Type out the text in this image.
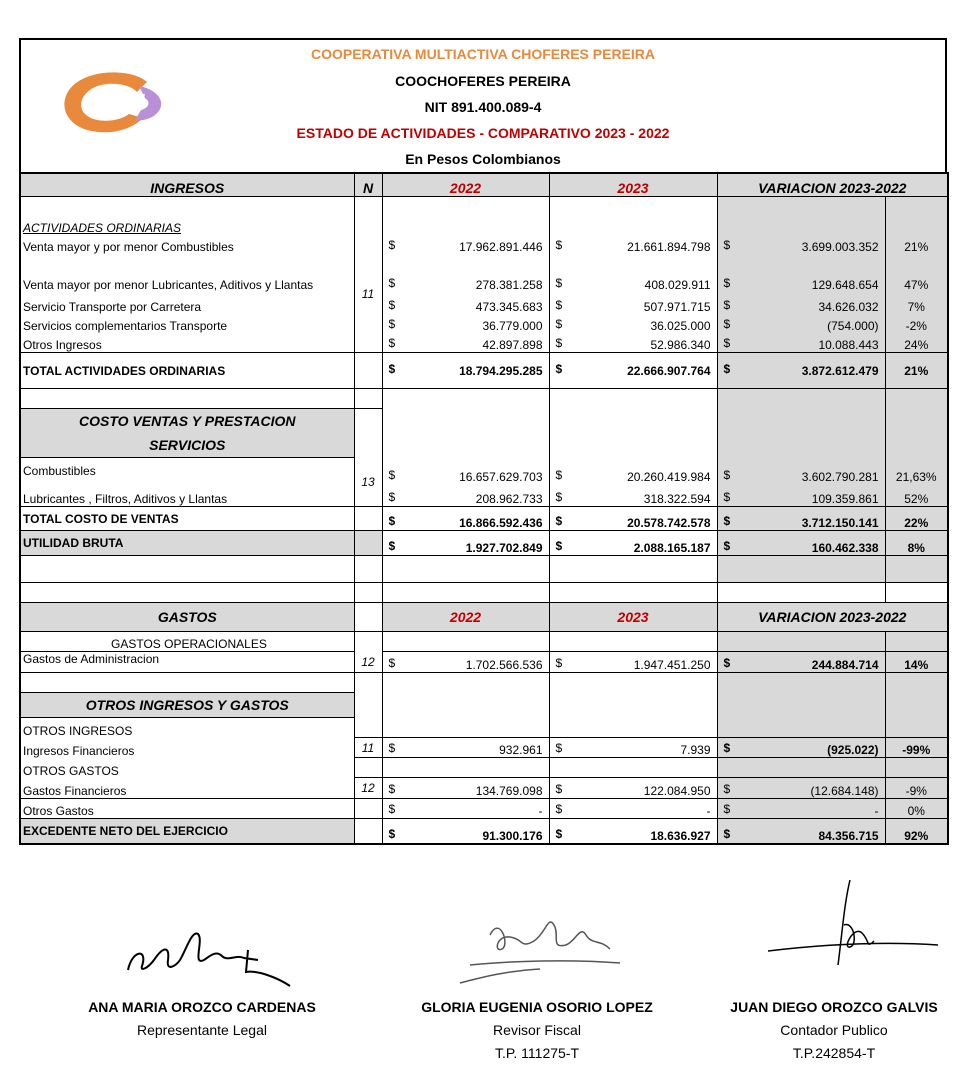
COOPERATIVA MULTIACTIVA CHOFERES PEREIRA
COOCHOFERES PEREIRA
NIT 891.400.089-4
ESTADO DE ACTIVIDADES - COMPARATIVO 2023 - 2022
En Pesos Colombianos
INGRESOS	N	2022	2023	VARIACION 2023-2022	

ACTIVIDADES ORDINARIAS					
Venta mayor y por menor Combustibles	11	$ 17.962.891.446	$ 21.661.894.798	$ 3.699.003.352	21%

Venta mayor por menor Lubricantes, Aditivos y Llantas		$ 278.381.258	$ 408.029.911	$ 129.648.654	47%
Servicio Transporte por Carretera		$ 473.345.683	$ 507.971.715	$ 34.626.032	7%
Servicios complementarios Transporte		$ 36.779.000	$ 36.025.000	$ (754.000)	-2%
Otros Ingresos		$ 42.897.898	$ 52.986.340	$ 10.088.443	24%
TOTAL ACTIVIDADES ORDINARIAS		$ 18.794.295.285	$ 22.666.907.764	$ 3.872.612.479	21%

COSTO VENTAS Y PRESTACION
SERVICIOS					
Combustibles	13	$ 16.657.629.703	$ 20.260.419.984	$ 3.602.790.281	21,63%
Lubricantes , Filtros, Aditivos y Llantas		$ 208.962.733	$ 318.322.594	$ 109.359.861	52%
TOTAL COSTO DE VENTAS		$ 16.866.592.436	$ 20.578.742.578	$ 3.712.150.141	22%
UTILIDAD BRUTA		$ 1.927.702.849	$ 2.088.165.187	$ 160.462.338	8%

GASTOS		2022	2023	VARIACION 2023-2022	
GASTOS OPERACIONALES					
Gastos de Administracion	12	$ 1.702.566.536	$ 1.947.451.250	$ 244.884.714	14%

OTROS INGRESOS Y GASTOS					
OTROS INGRESOS					
Ingresos Financieros	11	$ 932.961	$ 7.939	$ (925.022)	-99%
OTROS GASTOS					
Gastos Financieros	12	$ 134.769.098	$ 122.084.950	$ (12.684.148)	-9%
Otros Gastos		$ -	$ -	$ -	0%
EXCEDENTE NETO DEL EJERCICIO		$ 91.300.176	$ 18.636.927	$ 84.356.715	92%
ANA MARIA OROZCO CARDENAS
Representante Legal
GLORIA EUGENIA OSORIO LOPEZ
Revisor Fiscal
T.P. 111275-T
JUAN DIEGO OROZCO GALVIS
Contador Publico
T.P.242854-T
